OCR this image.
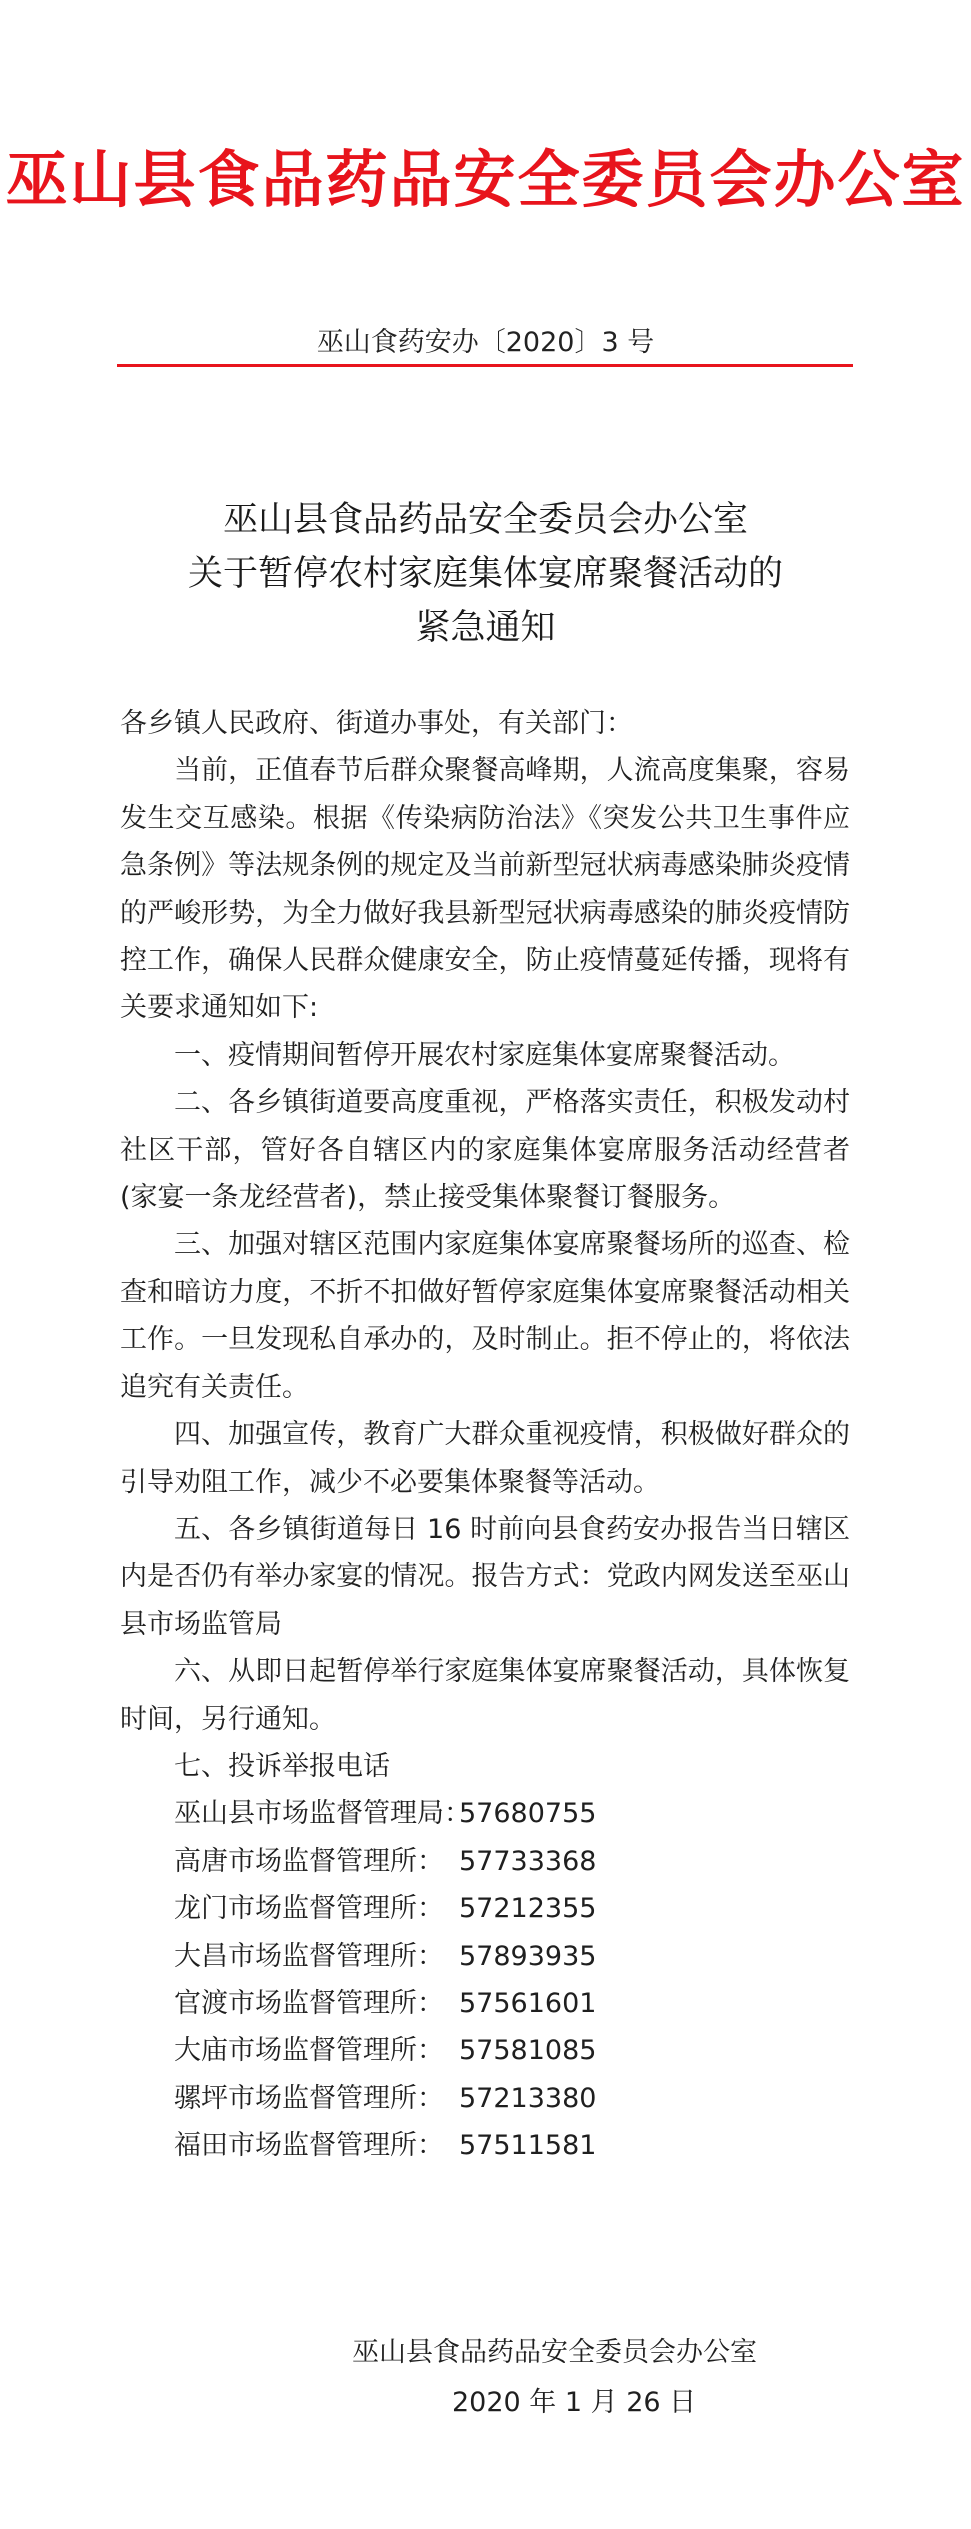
巫山县食品药品安全委员会办公室
巫山食药安办〔2020〕3 号
巫山县食品药品安全委员会办公室
关于暂停农村家庭集体宴席聚餐活动的
紧急通知

各乡镇人民政府、街道办事处，有关部门：

当前，正值春节后群众聚餐高峰期，人流高度集聚，容易发生交互感染。根据《传染病防治法》《突发公共卫生事件应急条例》等法规条例的规定及当前新型冠状病毒感染肺炎疫情的严峻形势，为全力做好我县新型冠状病毒感染的肺炎疫情防控工作，确保人民群众健康安全，防止疫情蔓延传播，现将有关要求通知如下:

一、疫情期间暂停开展农村家庭集体宴席聚餐活动。

二、各乡镇街道要高度重视，严格落实责任，积极发动村社区干部，管好各自辖区内的家庭集体宴席服务活动经营者(家宴一条龙经营者)，禁止接受集体聚餐订餐服务。

三、加强对辖区范围内家庭集体宴席聚餐场所的巡查、检查和暗访力度，不折不扣做好暂停家庭集体宴席聚餐活动相关工作。一旦发现私自承办的，及时制止。拒不停止的，将依法追究有关责任。

四、加强宣传，教育广大群众重视疫情，积极做好群众的引导劝阻工作，减少不必要集体聚餐等活动。

五、各乡镇街道每日 16 时前向县食药安办报告当日辖区内是否仍有举办家宴的情况。报告方式：党政内网发送至巫山县市场监管局

六、从即日起暂停举行家庭集体宴席聚餐活动，具体恢复时间，另行通知。

七、投诉举报电话

巫山县市场监督管理局：57680755
高唐市场监督管理所： 57733368
龙门市场监督管理所： 57212355
大昌市场监督管理所： 57893935
官渡市场监督管理所： 57561601
大庙市场监督管理所： 57581085
骡坪市场监督管理所： 57213380
福田市场监督管理所： 57511581
巫山县食品药品安全委员会办公室
2020 年 1 月 26 日
